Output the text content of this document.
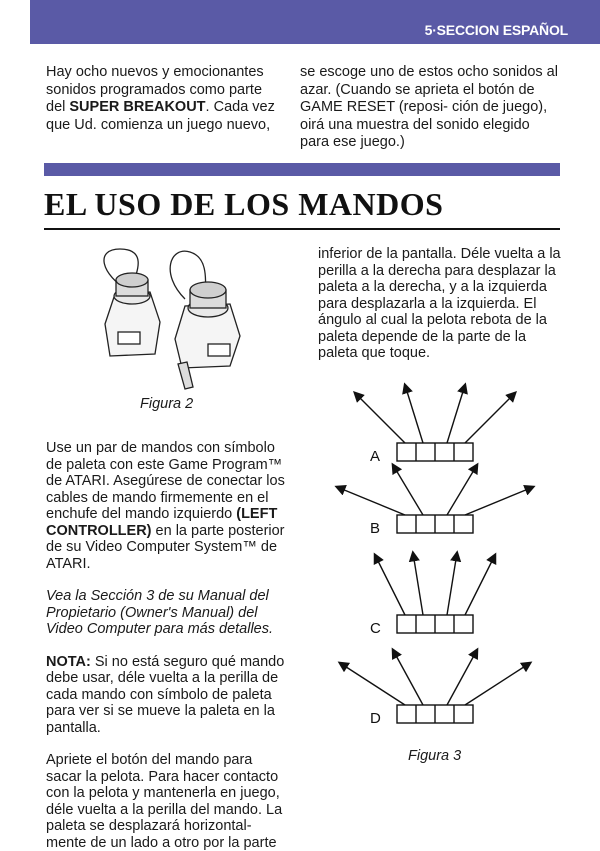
5·SECCION ESPAÑOL

Hay ocho nuevos y emocionantes
sonidos programados como parte
del SUPER BREAKOUT. Cada vez
que Ud. comienza un juego nuevo,

se escoge uno de estos ocho sonidos al azar. (Cuando se aprieta el botón de GAME RESET (reposi- ción de juego), oirá una muestra del sonido elegido para ese juego.)
EL USO DE LOS MANDOS
Figura 2
inferior de la pantalla. Déle vuelta a la perilla a la derecha para desplazar la paleta a la derecha, y a la izquierda para desplazarla a la izquierda. El ángulo al cual la pelota rebota de la paleta depende de la parte de la paleta que toque.

Use un par de mandos con símbolo de paleta con este Game Program™ de ATARI. Asegúrese de conectar los cables de mando firmemente en el enchufe del mando izquierdo (LEFT CONTROLLER) en la parte posterior de su Video Computer System™ de ATARI.

Vea la Sección 3 de su Manual del Propietario (Owner's Manual) del Video Computer para más detalles.

NOTA: Si no está seguro qué mando debe usar, déle vuelta a la perilla de cada mando con símbolo de paleta para ver si se mueve la paleta en la pantalla.

Apriete el botón del mando para sacar la pelota. Para hacer contacto con la pelota y mantenerla en juego, déle vuelta a la perilla del mando. La paleta se desplazará horizontal- mente de un lado a otro por la parte

A
B
C
D
Figura 3
